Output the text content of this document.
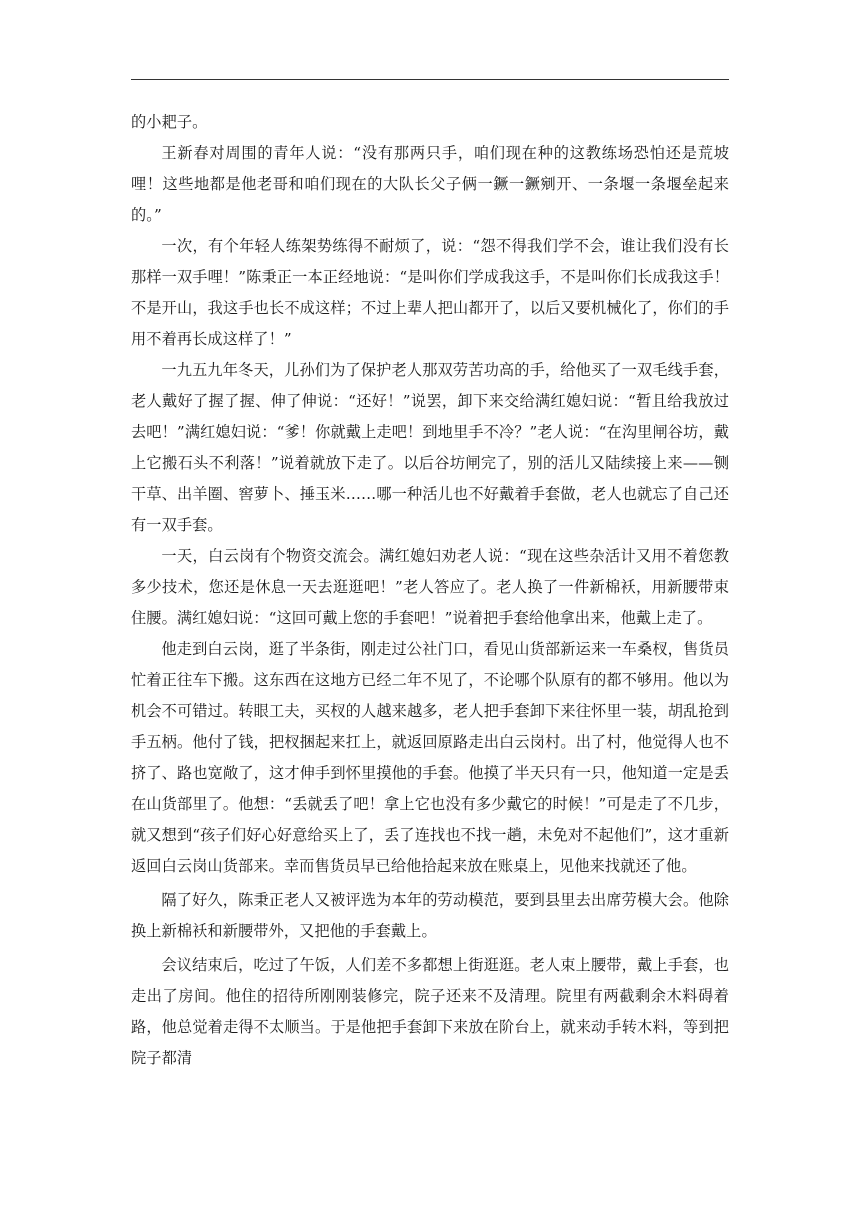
的小耙子。

王新春对周围的青年人说：“没有那两只手，咱们现在种的这教练场恐怕还是荒坡哩！这些地都是他老哥和咱们现在的大队长父子俩一鐝一鐝剜开、一条堰一条堰垒起来的。”

一次，有个年轻人练架势练得不耐烦了，说：“怨不得我们学不会，谁让我们没有长那样一双手哩！”陈秉正一本正经地说：“是叫你们学成我这手，不是叫你们长成我这手！不是开山，我这手也长不成这样；不过上辈人把山都开了，以后又要机械化了，你们的手用不着再长成这样了！”

一九五九年冬天，儿孙们为了保护老人那双劳苦功高的手，给他买了一双毛线手套，老人戴好了握了握、伸了伸说：“还好！”说罢，卸下来交给满红媳妇说：“暂且给我放过去吧！”满红媳妇说：“爹！你就戴上走吧！到地里手不冷？”老人说：“在沟里闸谷坊，戴上它搬石头不利落！”说着就放下走了。以后谷坊闸完了，别的活儿又陆续接上来——铡干草、出羊圈、窖萝卜、捶玉米……哪一种活儿也不好戴着手套做，老人也就忘了自己还有一双手套。

一天，白云岗有个物资交流会。满红媳妇劝老人说：“现在这些杂活计又用不着您教多少技术，您还是休息一天去逛逛吧！”老人答应了。老人换了一件新棉袄，用新腰带束住腰。满红媳妇说：“这回可戴上您的手套吧！”说着把手套给他拿出来，他戴上走了。

他走到白云岗，逛了半条街，刚走过公社门口，看见山货部新运来一车桑杈，售货员忙着正往车下搬。这东西在这地方已经二年不见了，不论哪个队原有的都不够用。他以为机会不可错过。转眼工夫，买杈的人越来越多，老人把手套卸下来往怀里一装，胡乱抢到手五柄。他付了钱，把杈捆起来扛上，就返回原路走出白云岗村。出了村，他觉得人也不挤了、路也宽敞了，这才伸手到怀里摸他的手套。他摸了半天只有一只，他知道一定是丢在山货部里了。他想：“丢就丢了吧！拿上它也没有多少戴它的时候！”可是走了不几步，就又想到“孩子们好心好意给买上了，丢了连找也不找一趟，未免对不起他们”，这才重新返回白云岗山货部来。幸而售货员早已给他拾起来放在账桌上，见他来找就还了他。

隔了好久，陈秉正老人又被评选为本年的劳动模范，要到县里去出席劳模大会。他除换上新棉袄和新腰带外，又把他的手套戴上。

会议结束后，吃过了午饭，人们差不多都想上街逛逛。老人束上腰带，戴上手套，也走出了房间。他住的招待所刚刚装修完，院子还来不及清理。院里有两截剩余木料碍着路，他总觉着走得不太顺当。于是他把手套卸下来放在阶台上，就来动手转木料，等到把院子都清
